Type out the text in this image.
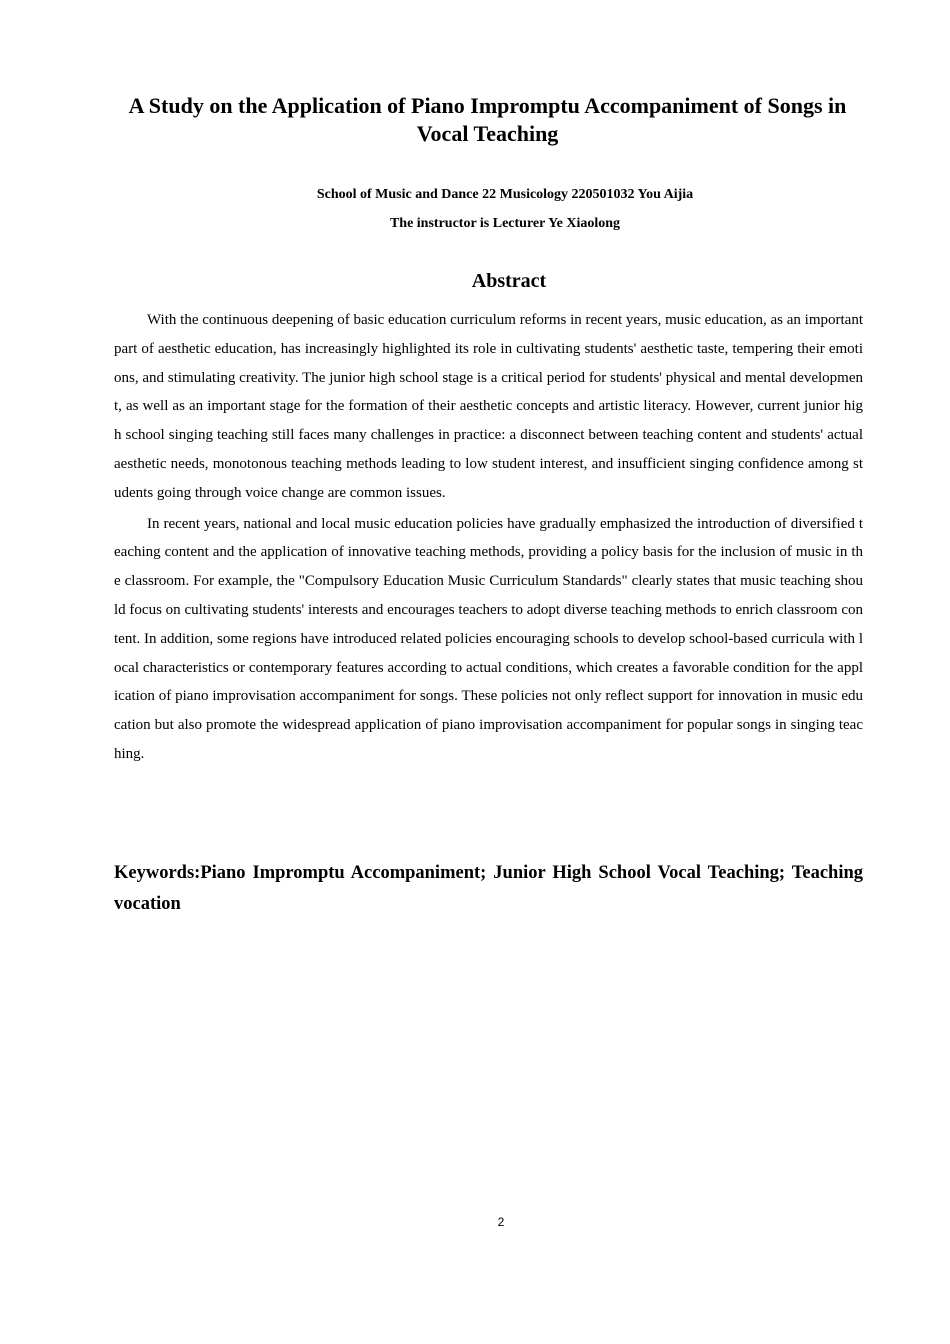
A Study on the Application of Piano Impromptu Accompaniment of Songs in Vocal Teaching

School of Music and Dance 22 Musicology 220501032 You Aijia

The instructor is Lecturer Ye Xiaolong

Abstract

With the continuous deepening of basic education curriculum reforms in recent years, music education, as an important part of aesthetic education, has increasingly highlighted its role in cultivating students' aesthetic taste, tempering their emotions, and stimulating creativity. The junior high school stage is a critical period for students' physical and mental development, as well as an important stage for the formation of their aesthetic concepts and artistic literacy. However, current junior high school singing teaching still faces many challenges in practice: a disconnect between teaching content and students' actual aesthetic needs, monotonous teaching methods leading to low student interest, and insufficient singing confidence among students going through voice change are common issues.

In recent years, national and local music education policies have gradually emphasized the introduction of diversified teaching content and the application of innovative teaching methods, providing a policy basis for the inclusion of music in the classroom. For example, the "Compulsory Education Music Curriculum Standards" clearly states that music teaching should focus on cultivating students' interests and encourages teachers to adopt diverse teaching methods to enrich classroom content. In addition, some regions have introduced related policies encouraging schools to develop school-based curricula with local characteristics or contemporary features according to actual conditions, which creates a favorable condition for the application of piano improvisation accompaniment for songs. These policies not only reflect support for innovation in music education but also promote the widespread application of piano improvisation accompaniment for popular songs in singing teaching.

Keywords:Piano Impromptu Accompaniment; Junior High School Vocal Teaching; Teaching vocation

2
